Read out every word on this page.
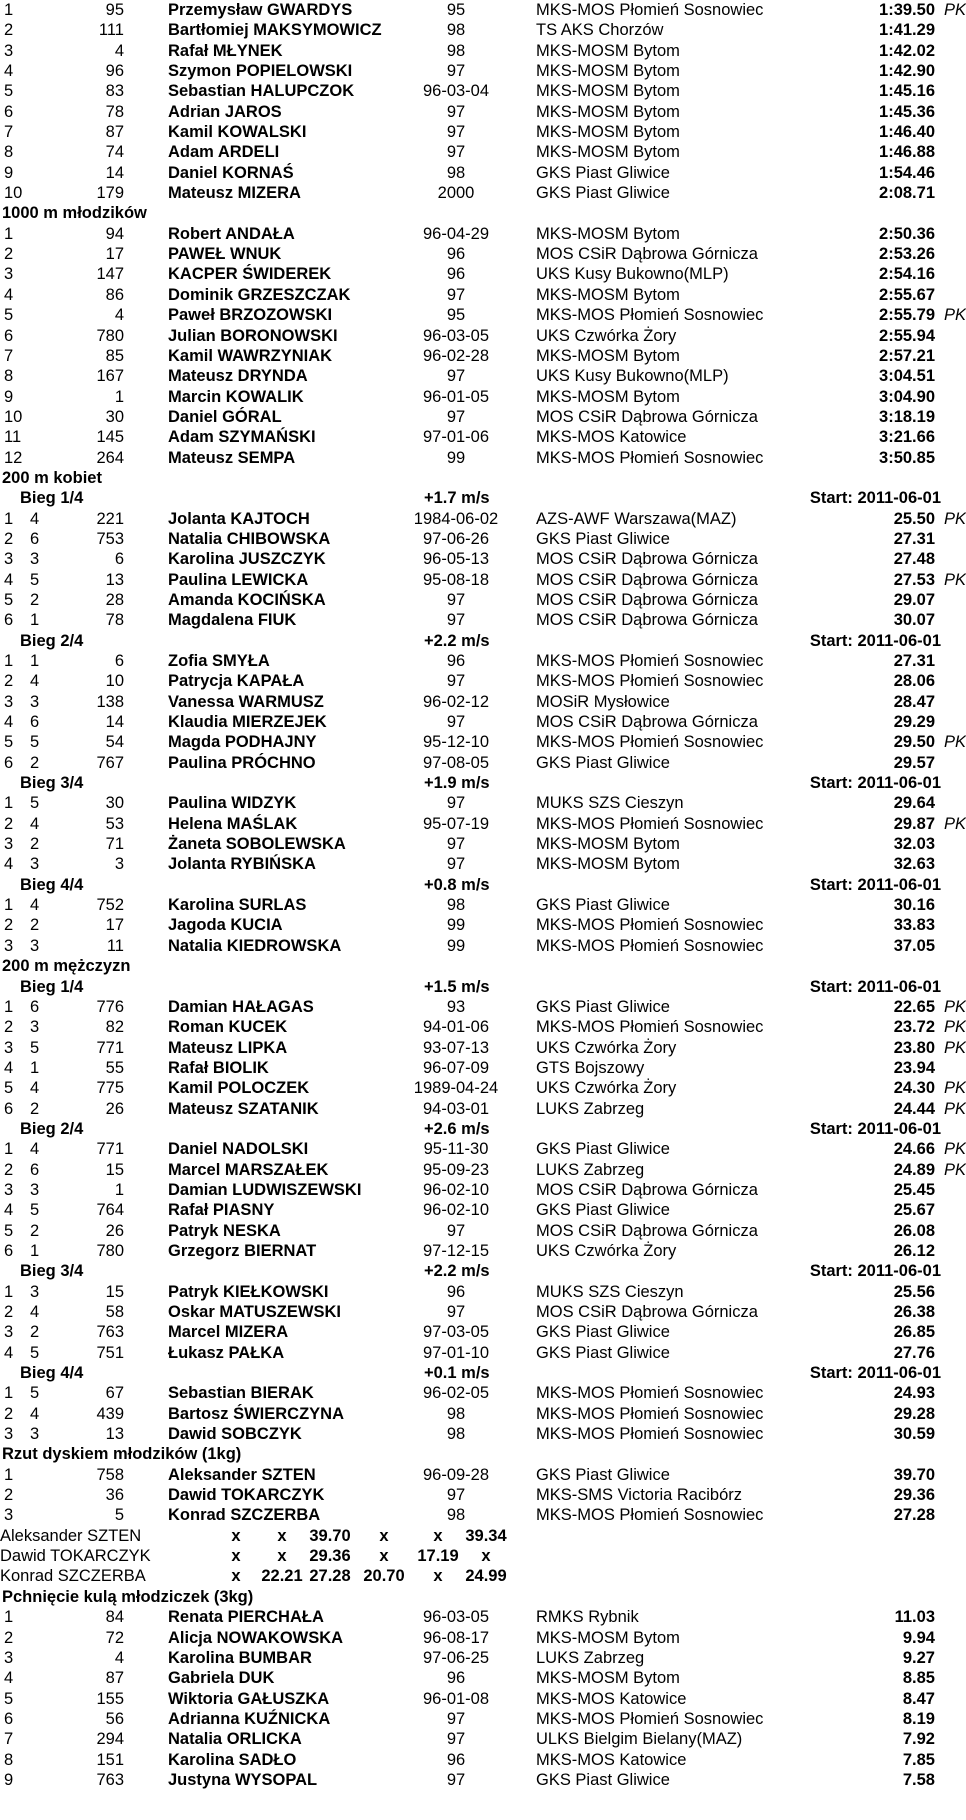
1	95	Przemysław GWARDYS	95	MKS-MOS Płomień Sosnowiec	1:39.50 PK
2	111	Bartłomiej MAKSYMOWICZ	98	TS AKS Chorzów	1:41.29
3	4	Rafał MŁYNEK	98	MKS-MOSM Bytom	1:42.02
4	96	Szymon POPIELOWSKI	97	MKS-MOSM Bytom	1:42.90
5	83	Sebastian HALUPCZOK	96-03-04	MKS-MOSM Bytom	1:45.16
6	78	Adrian JAROS	97	MKS-MOSM Bytom	1:45.36
7	87	Kamil KOWALSKI	97	MKS-MOSM Bytom	1:46.40
8	74	Adam ARDELI	97	MKS-MOSM Bytom	1:46.88
9	14	Daniel KORNAŚ	98	GKS Piast Gliwice	1:54.46
10	179	Mateusz MIZERA	2000	GKS Piast Gliwice	2:08.71
1000 m młodzików
1	94	Robert ANDAŁA	96-04-29	MKS-MOSM Bytom	2:50.36
2	17	PAWEŁ WNUK	96	MOS CSiR Dąbrowa Górnicza	2:53.26
3	147	KACPER ŚWIDEREK	96	UKS Kusy Bukowno(MLP)	2:54.16
4	86	Dominik GRZESZCZAK	97	MKS-MOSM Bytom	2:55.67
5	4	Paweł BRZOZOWSKI	95	MKS-MOS Płomień Sosnowiec	2:55.79 PK
6	780	Julian BORONOWSKI	96-03-05	UKS Czwórka Żory	2:55.94
7	85	Kamil WAWRZYNIAK	96-02-28	MKS-MOSM Bytom	2:57.21
8	167	Mateusz DRYNDA	97	UKS Kusy Bukowno(MLP)	3:04.51
9	1	Marcin KOWALIK	96-01-05	MKS-MOSM Bytom	3:04.90
10	30	Daniel GÓRAL	97	MOS CSiR Dąbrowa Górnicza	3:18.19
11	145	Adam SZYMAŃSKI	97-01-06	MKS-MOS Katowice	3:21.66
12	264	Mateusz SEMPA	99	MKS-MOS Płomień Sosnowiec	3:50.85
200 m kobiet
Bieg 1/4	+1.7 m/s	Start: 2011-06-01
1 4	221	Jolanta KAJTOCH	1984-06-02 AZS-AWF Warszawa(MAZ)	25.50 PK
2 6	753	Natalia CHIBOWSKA	97-06-26	GKS Piast Gliwice	27.31
3 3	6	Karolina JUSZCZYK	96-05-13	MOS CSiR Dąbrowa Górnicza	27.48
4 5	13	Paulina LEWICKA	95-08-18	MOS CSiR Dąbrowa Górnicza	27.53 PK
5 2	28	Amanda KOCIŃSKA	97	MOS CSiR Dąbrowa Górnicza	29.07
6 1	78	Magdalena FIUK	97	MOS CSiR Dąbrowa Górnicza	30.07
Bieg 2/4	+2.2 m/s	Start: 2011-06-01
1 1	6	Zofia SMYŁA	96	MKS-MOS Płomień Sosnowiec	27.31
2 4	10	Patrycja KAPAŁA	97	MKS-MOS Płomień Sosnowiec	28.06
3 3	138	Vanessa WARMUSZ	96-02-12	MOSiR Mysłowice	28.47
4 6	14	Klaudia MIERZEJEK	97	MOS CSiR Dąbrowa Górnicza	29.29
5 5	54	Magda PODHAJNY	95-12-10	MKS-MOS Płomień Sosnowiec	29.50 PK
6 2	767	Paulina PRÓCHNO	97-08-05	GKS Piast Gliwice	29.57
Bieg 3/4	+1.9 m/s	Start: 2011-06-01
1 5	30	Paulina WIDZYK	97	MUKS SZS Cieszyn	29.64
2 4	53	Helena MAŚLAK	95-07-19	MKS-MOS Płomień Sosnowiec	29.87 PK
3 2	71	Żaneta SOBOLEWSKA	97	MKS-MOSM Bytom	32.03
4 3	3	Jolanta RYBIŃSKA	97	MKS-MOSM Bytom	32.63
Bieg 4/4	+0.8 m/s	Start: 2011-06-01
1 4	752	Karolina SURLAS	98	GKS Piast Gliwice	30.16
2 2	17	Jagoda KUCIA	99	MKS-MOS Płomień Sosnowiec	33.83
3 3	11	Natalia KIEDROWSKA	99	MKS-MOS Płomień Sosnowiec	37.05
200 m mężczyzn
Bieg 1/4	+1.5 m/s	Start: 2011-06-01
1 6	776	Damian HAŁAGAS	93	GKS Piast Gliwice	22.65 PK
2 3	82	Roman KUCEK	94-01-06	MKS-MOS Płomień Sosnowiec	23.72 PK
3 5	771	Mateusz LIPKA	93-07-13	UKS Czwórka Żory	23.80 PK
4 1	55	Rafał BIOLIK	96-07-09	GTS Bojszowy	23.94
5 4	775	Kamil POLOCZEK	1989-04-24 UKS Czwórka Żory	24.30 PK
6 2	26	Mateusz SZATANIK	94-03-01	LUKS Zabrzeg	24.44 PK
Bieg 2/4	+2.6 m/s	Start: 2011-06-01
1 4	771	Daniel NADOLSKI	95-11-30	GKS Piast Gliwice	24.66 PK
2 6	15	Marcel MARSZAŁEK	95-09-23	LUKS Zabrzeg	24.89 PK
3 3	1	Damian LUDWISZEWSKI	96-02-10	MOS CSiR Dąbrowa Górnicza	25.45
4 5	764	Rafał PIASNY	96-02-10	GKS Piast Gliwice	25.67
5 2	26	Patryk NESKA	97	MOS CSiR Dąbrowa Górnicza	26.08
6 1	780	Grzegorz BIERNAT	97-12-15	UKS Czwórka Żory	26.12
Bieg 3/4	+2.2 m/s	Start: 2011-06-01
1 3	15	Patryk KIEŁKOWSKI	96	MUKS SZS Cieszyn	25.56
2 4	58	Oskar MATUSZEWSKI	97	MOS CSiR Dąbrowa Górnicza	26.38
3 2	763	Marcel MIZERA	97-03-05	GKS Piast Gliwice	26.85
4 5	751	Łukasz PAŁKA	97-01-10	GKS Piast Gliwice	27.76
Bieg 4/4	+0.1 m/s	Start: 2011-06-01
1 5	67	Sebastian BIERAK	96-02-05	MKS-MOS Płomień Sosnowiec	24.93
2 4	439	Bartosz ŚWIERCZYNA	98	MKS-MOS Płomień Sosnowiec	29.28
3 3	13	Dawid SOBCZYK	98	MKS-MOS Płomień Sosnowiec	30.59
Rzut dyskiem młodzików (1kg)
1	758	Aleksander SZTEN	96-09-28	GKS Piast Gliwice	39.70
2	36	Dawid TOKARCZYK	97	MKS-SMS Victoria Racibórz	29.36
3	5	Konrad SZCZERBA	98	MKS-MOS Płomień Sosnowiec	27.28
Aleksander SZTEN	x x 39.70 x	x 39.34
Dawid TOKARCZYK	x x 29.36 x 17.19 x
Konrad SZCZERBA	x 22.21 27.28 20.70 x 24.99
Pchnięcie kulą młodziczek (3kg)
1	84	Renata PIERCHAŁA	96-03-05	RMKS Rybnik	11.03
2	72	Alicja NOWAKOWSKA	96-08-17	MKS-MOSM Bytom	9.94
3	4	Karolina BUMBAR	97-06-25	LUKS Zabrzeg	9.27
4	87	Gabriela DUK	96	MKS-MOSM Bytom	8.85
5	155	Wiktoria GAŁUSZKA	96-01-08	MKS-MOS Katowice	8.47
6	56	Adrianna KUŹNICKA	97	MKS-MOS Płomień Sosnowiec	8.19
7	294	Natalia ORLICKA	97	ULKS Bielgim Bielany(MAZ)	7.92
8	151	Karolina SADŁO	96	MKS-MOS Katowice	7.85
9	763	Justyna WYSOPAL	97	GKS Piast Gliwice	7.58
